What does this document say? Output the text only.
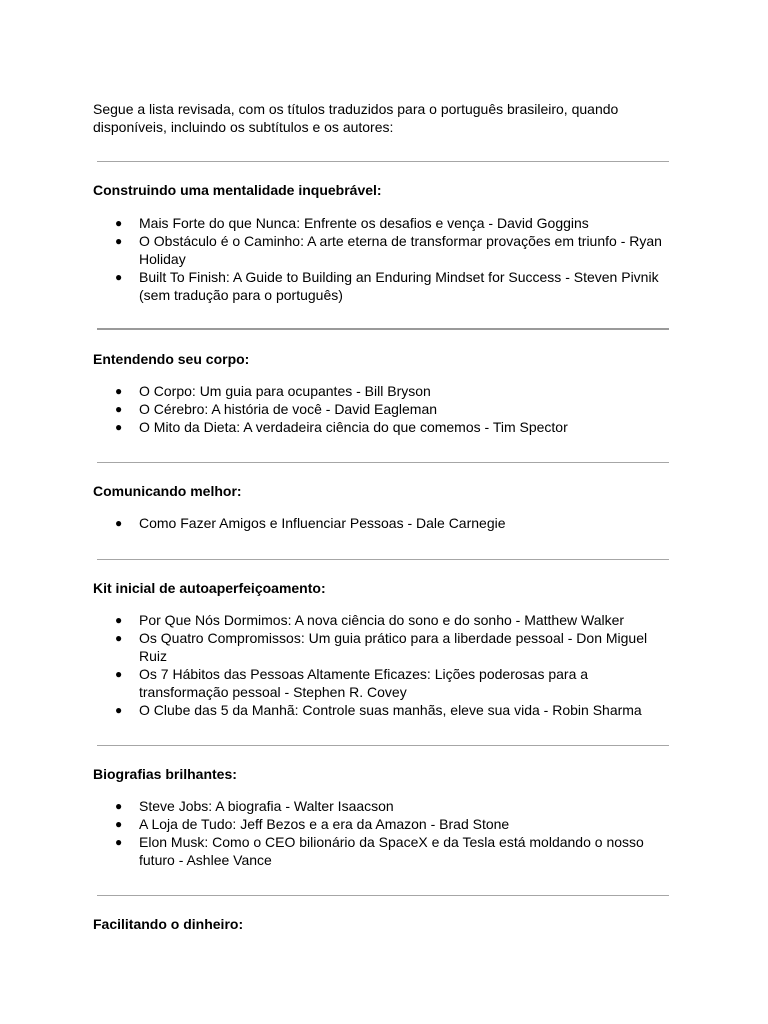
Segue a lista revisada, com os títulos traduzidos para o português brasileiro, quando disponíveis, incluindo os subtítulos e os autores:

Construindo uma mentalidade inquebrável:

● Mais Forte do que Nunca: Enfrente os desafios e vença - David Goggins
● O Obstáculo é o Caminho: A arte eterna de transformar provações em triunfo - Ryan Holiday
● Built To Finish: A Guide to Building an Enduring Mindset for Success - Steven Pivnik (sem tradução para o português)

Entendendo seu corpo:

● O Corpo: Um guia para ocupantes - Bill Bryson
● O Cérebro: A história de você - David Eagleman
● O Mito da Dieta: A verdadeira ciência do que comemos - Tim Spector

Comunicando melhor:

● Como Fazer Amigos e Influenciar Pessoas - Dale Carnegie

Kit inicial de autoaperfeiçoamento:

● Por Que Nós Dormimos: A nova ciência do sono e do sonho - Matthew Walker
● Os Quatro Compromissos: Um guia prático para a liberdade pessoal - Don Miguel Ruiz
● Os 7 Hábitos das Pessoas Altamente Eficazes: Lições poderosas para a transformação pessoal - Stephen R. Covey
● O Clube das 5 da Manhã: Controle suas manhãs, eleve sua vida - Robin Sharma

Biografias brilhantes:

● Steve Jobs: A biografia - Walter Isaacson
● A Loja de Tudo: Jeff Bezos e a era da Amazon - Brad Stone
● Elon Musk: Como o CEO bilionário da SpaceX e da Tesla está moldando o nosso futuro - Ashlee Vance

Facilitando o dinheiro:
